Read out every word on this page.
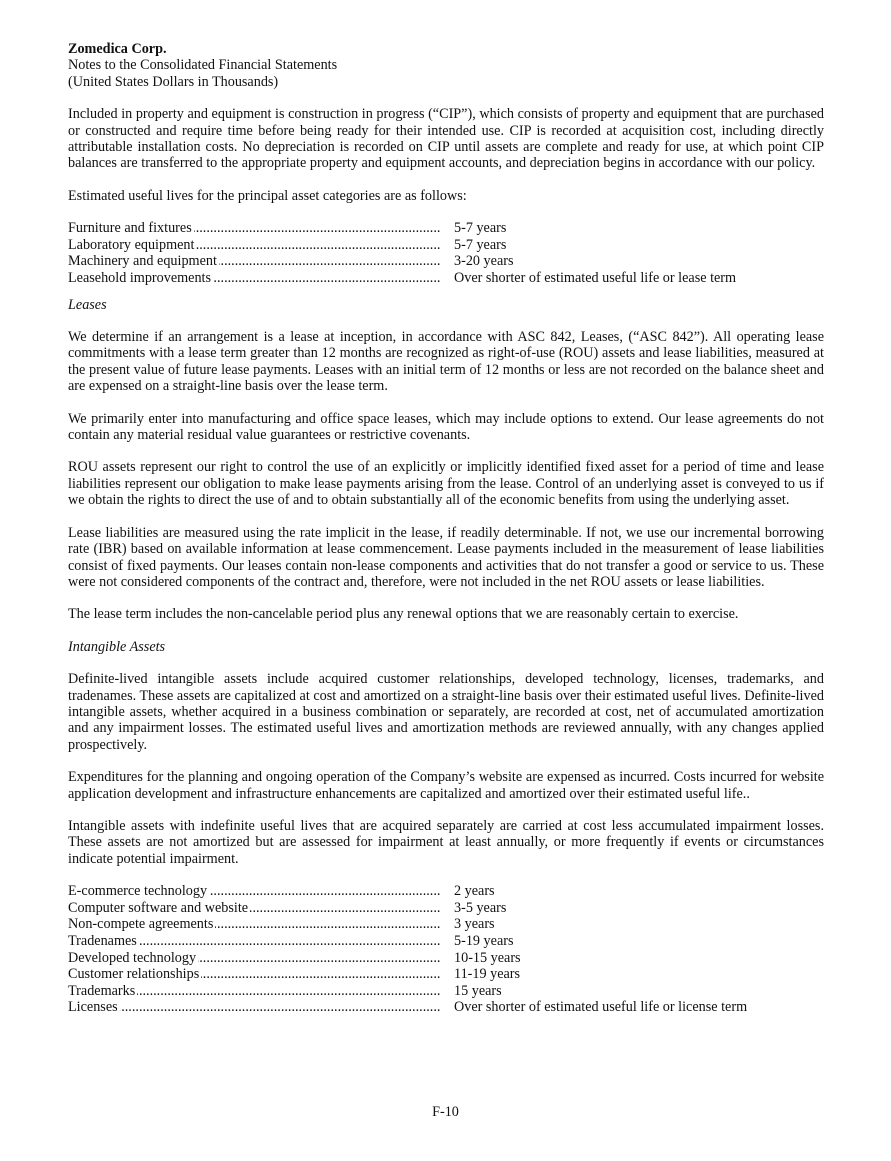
Zomedica Corp.
Notes to the Consolidated Financial Statements
(United States Dollars in Thousands)

Included in property and equipment is construction in progress (“CIP”), which consists of property and equipment that are purchased or constructed and require time before being ready for their intended use. CIP is recorded at acquisition cost, including directly attributable installation costs. No depreciation is recorded on CIP until assets are complete and ready for use, at which point CIP balances are transferred to the appropriate property and equipment accounts, and depreciation begins in accordance with our policy.

Estimated useful lives for the principal asset categories are as follows:

Furniture and fixtures .....	5-7 years
Laboratory equipment .....	5-7 years
Machinery and equipment .....	3-20 years
Leasehold improvements .....	Over shorter of estimated useful life or lease term
Leases

We determine if an arrangement is a lease at inception, in accordance with ASC 842, Leases, (“ASC 842”). All operating lease commitments with a lease term greater than 12 months are recognized as right-of-use (ROU) assets and lease liabilities, measured at the present value of future lease payments. Leases with an initial term of 12 months or less are not recorded on the balance sheet and are expensed on a straight-line basis over the lease term.

We primarily enter into manufacturing and office space leases, which may include options to extend. Our lease agreements do not contain any material residual value guarantees or restrictive covenants.

ROU assets represent our right to control the use of an explicitly or implicitly identified fixed asset for a period of time and lease liabilities represent our obligation to make lease payments arising from the lease. Control of an underlying asset is conveyed to us if we obtain the rights to direct the use of and to obtain substantially all of the economic benefits from using the underlying asset.

Lease liabilities are measured using the rate implicit in the lease, if readily determinable. If not, we use our incremental borrowing rate (IBR) based on available information at lease commencement. Lease payments included in the measurement of lease liabilities consist of fixed payments. Our leases contain non-lease components and activities that do not transfer a good or service to us. These were not considered components of the contract and, therefore, were not included in the net ROU assets or lease liabilities.

The lease term includes the non-cancelable period plus any renewal options that we are reasonably certain to exercise.

Intangible Assets

Definite-lived intangible assets include acquired customer relationships, developed technology, licenses, trademarks, and tradenames. These assets are capitalized at cost and amortized on a straight-line basis over their estimated useful lives. Definite-lived intangible assets, whether acquired in a business combination or separately, are recorded at cost, net of accumulated amortization and any impairment losses. The estimated useful lives and amortization methods are reviewed annually, with any changes applied prospectively.

Expenditures for the planning and ongoing operation of the Company’s website are expensed as incurred. Costs incurred for website application development and infrastructure enhancements are capitalized and amortized over their estimated useful life..

Intangible assets with indefinite useful lives that are acquired separately are carried at cost less accumulated impairment losses. These assets are not amortized but are assessed for impairment at least annually, or more frequently if events or circumstances indicate potential impairment.

E-commerce technology .....	2 years
Computer software and website .....	3-5 years
Non-compete agreements .....	3 years
Tradenames .....	5-19 years
Developed technology .....	10-15 years
Customer relationships .....	11-19 years
Trademarks .....	15 years
Licenses .....	Over shorter of estimated useful life or license term
F-10
